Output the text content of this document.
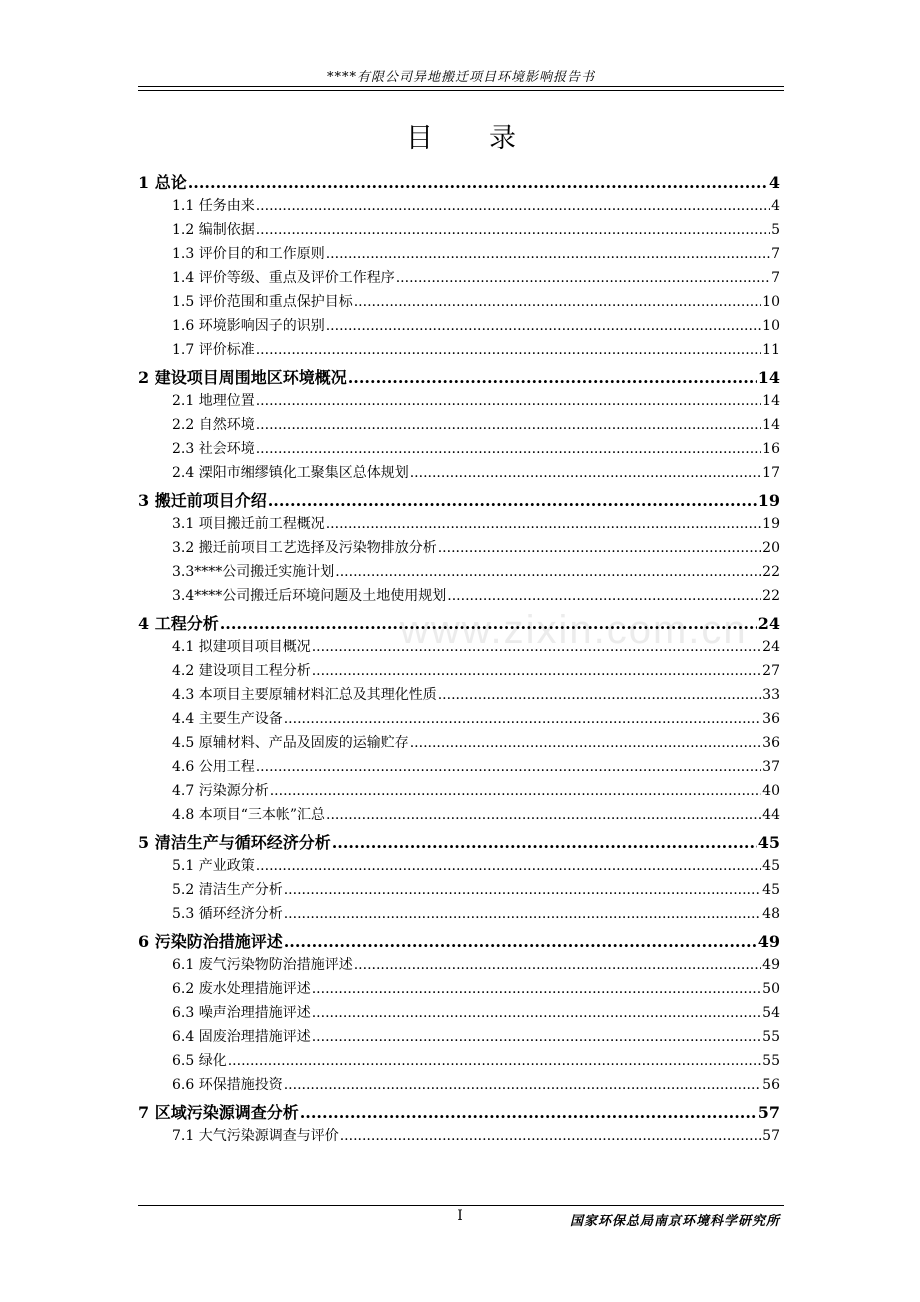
****有限公司异地搬迁项目环境影响报告书
www.zixin.com.cn
目录
1 总论 .....	4
1.1 任务由来 .....	4
1.2 编制依据 .....	5
1.3 评价目的和工作原则 .....	7
1.4 评价等级、重点及评价工作程序 .....	7
1.5 评价范围和重点保护目标 .....	10
1.6 环境影响因子的识别 .....	10
1.7 评价标准 .....	11
2 建设项目周围地区环境概况 .....	14
2.1 地理位置 .....	14
2.2 自然环境 .....	14
2.3 社会环境 .....	16
2.4 溧阳市缃缪镇化工聚集区总体规划 .....	17
3 搬迁前项目介绍 .....	19
3.1 项目搬迁前工程概况 .....	19
3.2 搬迁前项目工艺选择及污染物排放分析 .....	20
3.3****公司搬迁实施计划 .....	22
3.4****公司搬迁后环境问题及土地使用规划 .....	22
4 工程分析 .....	24
4.1 拟建项目项目概况 .....	24
4.2 建设项目工程分析 .....	27
4.3 本项目主要原辅材料汇总及其理化性质 .....	33
4.4 主要生产设备 .....	36
4.5 原辅材料、产品及固废的运输贮存 .....	36
4.6 公用工程 .....	37
4.7 污染源分析 .....	40
4.8 本项目“三本帐”汇总 .....	44
5 清洁生产与循环经济分析 .....	45
5.1 产业政策 .....	45
5.2 清洁生产分析 .....	45
5.3 循环经济分析 .....	48
6 污染防治措施评述 .....	49
6.1 废气污染物防治措施评述 .....	49
6.2 废水处理措施评述 .....	50
6.3 噪声治理措施评述 .....	54
6.4 固废治理措施评述 .....	55
6.5 绿化 .....	55
6.6 环保措施投资 .....	56
7 区域污染源调查分析 .....	57
7.1 大气污染源调查与评价 .....	57
I	国家环保总局南京环境科学研究所
